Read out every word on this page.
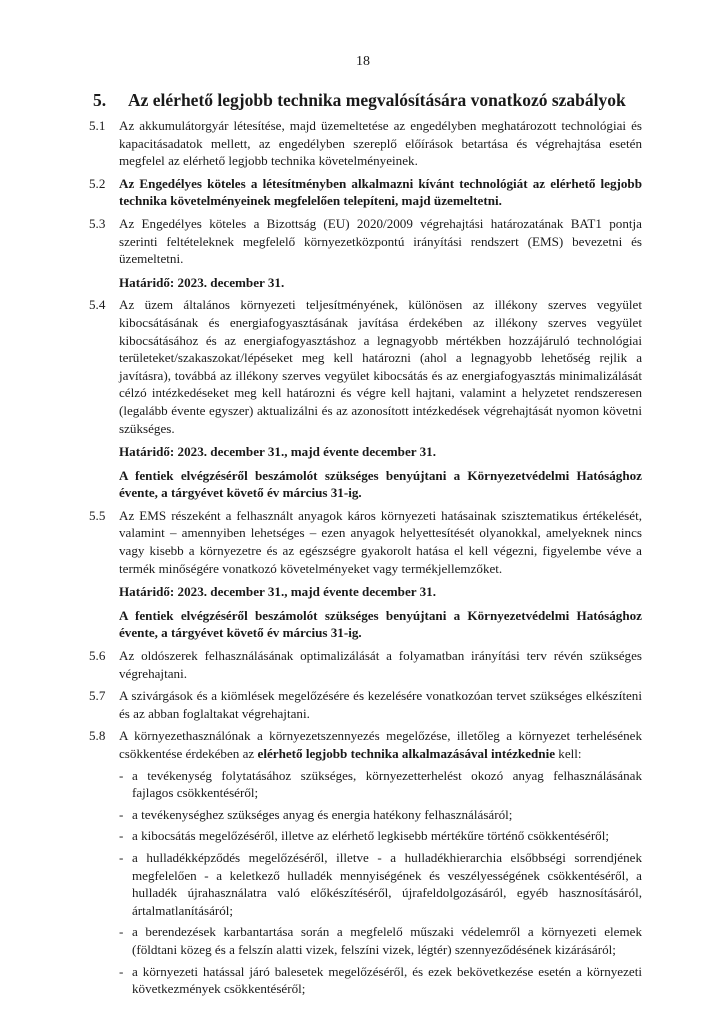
18
5. Az elérhető legjobb technika megvalósítására vonatkozó szabályok
5.1	Az akkumulátorgyár létesítése, majd üzemeltetése az engedélyben meghatározott technológiai és kapacitásadatok mellett, az engedélyben szereplő előírások betartása és végrehajtása esetén megfelel az elérhető legjobb technika követelményeinek.

5.2	Az Engedélyes köteles a létesítményben alkalmazni kívánt technológiát az elérhető legjobb technika követelményeinek megfelelően telepíteni, majd üzemeltetni.

5.3	Az Engedélyes köteles a Bizottság (EU) 2020/2009 végrehajtási határozatának BAT1 pontja szerinti feltételeknek megfelelő környezetközpontú irányítási rendszert (EMS) bevezetni és üzemeltetni.

Határidő: 2023. december 31.

5.4	Az üzem általános környezeti teljesítményének, különösen az illékony szerves vegyület kibocsátásának és energiafogyasztásának javítása érdekében az illékony szerves vegyület kibocsátásához és az energiafogyasztáshoz a legnagyobb mértékben hozzájáruló technológiai területeket/szakaszokat/lépéseket meg kell határozni (ahol a legnagyobb lehetőség rejlik a javításra), továbbá az illékony szerves vegyület kibocsátás és az energiafogyasztás minimalizálását célzó intézkedéseket meg kell határozni és végre kell hajtani, valamint a helyzetet rendszeresen (legalább évente egyszer) aktualizálni és az azonosított intézkedések végrehajtását nyomon követni szükséges.

Határidő: 2023. december 31., majd évente december 31.

A fentiek elvégzéséről beszámolót szükséges benyújtani a Környezetvédelmi Hatósághoz évente, a tárgyévet követő év március 31-ig.

5.5	Az EMS részeként a felhasznált anyagok káros környezeti hatásainak szisztematikus értékelését, valamint – amennyiben lehetséges – ezen anyagok helyettesítését olyanokkal, amelyeknek nincs vagy kisebb a környezetre és az egészségre gyakorolt hatása el kell végezni, figyelembe véve a termék minőségére vonatkozó követelményeket vagy termékjellemzőket.

Határidő: 2023. december 31., majd évente december 31.

A fentiek elvégzéséről beszámolót szükséges benyújtani a Környezetvédelmi Hatósághoz évente, a tárgyévet követő év március 31-ig.

5.6	Az oldószerek felhasználásának optimalizálását a folyamatban irányítási terv révén szükséges végrehajtani.

5.7	A szivárgások és a kiömlések megelőzésére és kezelésére vonatkozóan tervet szükséges elkészíteni és az abban foglaltakat végrehajtani.

5.8	A környezethasználónak a környezetszennyezés megelőzése, illetőleg a környezet terhelésének csökkentése érdekében az elérhető legjobb technika alkalmazásával intézkednie kell:

- a tevékenység folytatásához szükséges, környezetterhelést okozó anyag felhasználásának fajlagos csökkentéséről;
- a tevékenységhez szükséges anyag és energia hatékony felhasználásáról;
- a kibocsátás megelőzéséről, illetve az elérhető legkisebb mértékűre történő csökkentéséről;
- a hulladékképződés megelőzéséről, illetve - a hulladékhierarchia elsőbbségi sorrendjének megfelelően - a keletkező hulladék mennyiségének és veszélyességének csökkentéséről, a hulladék újrahasználatra való előkészítéséről, újrafeldolgozásáról, egyéb hasznosításáról, ártalmatlanításáról;
- a berendezések karbantartása során a megfelelő műszaki védelemről a környezeti elemek (földtani közeg és a felszín alatti vizek, felszíni vizek, légtér) szennyeződésének kizárásáról;
- a környezeti hatással járó balesetek megelőzéséről, és ezek bekövetkezése esetén a környezeti következmények csökkentéséről;
